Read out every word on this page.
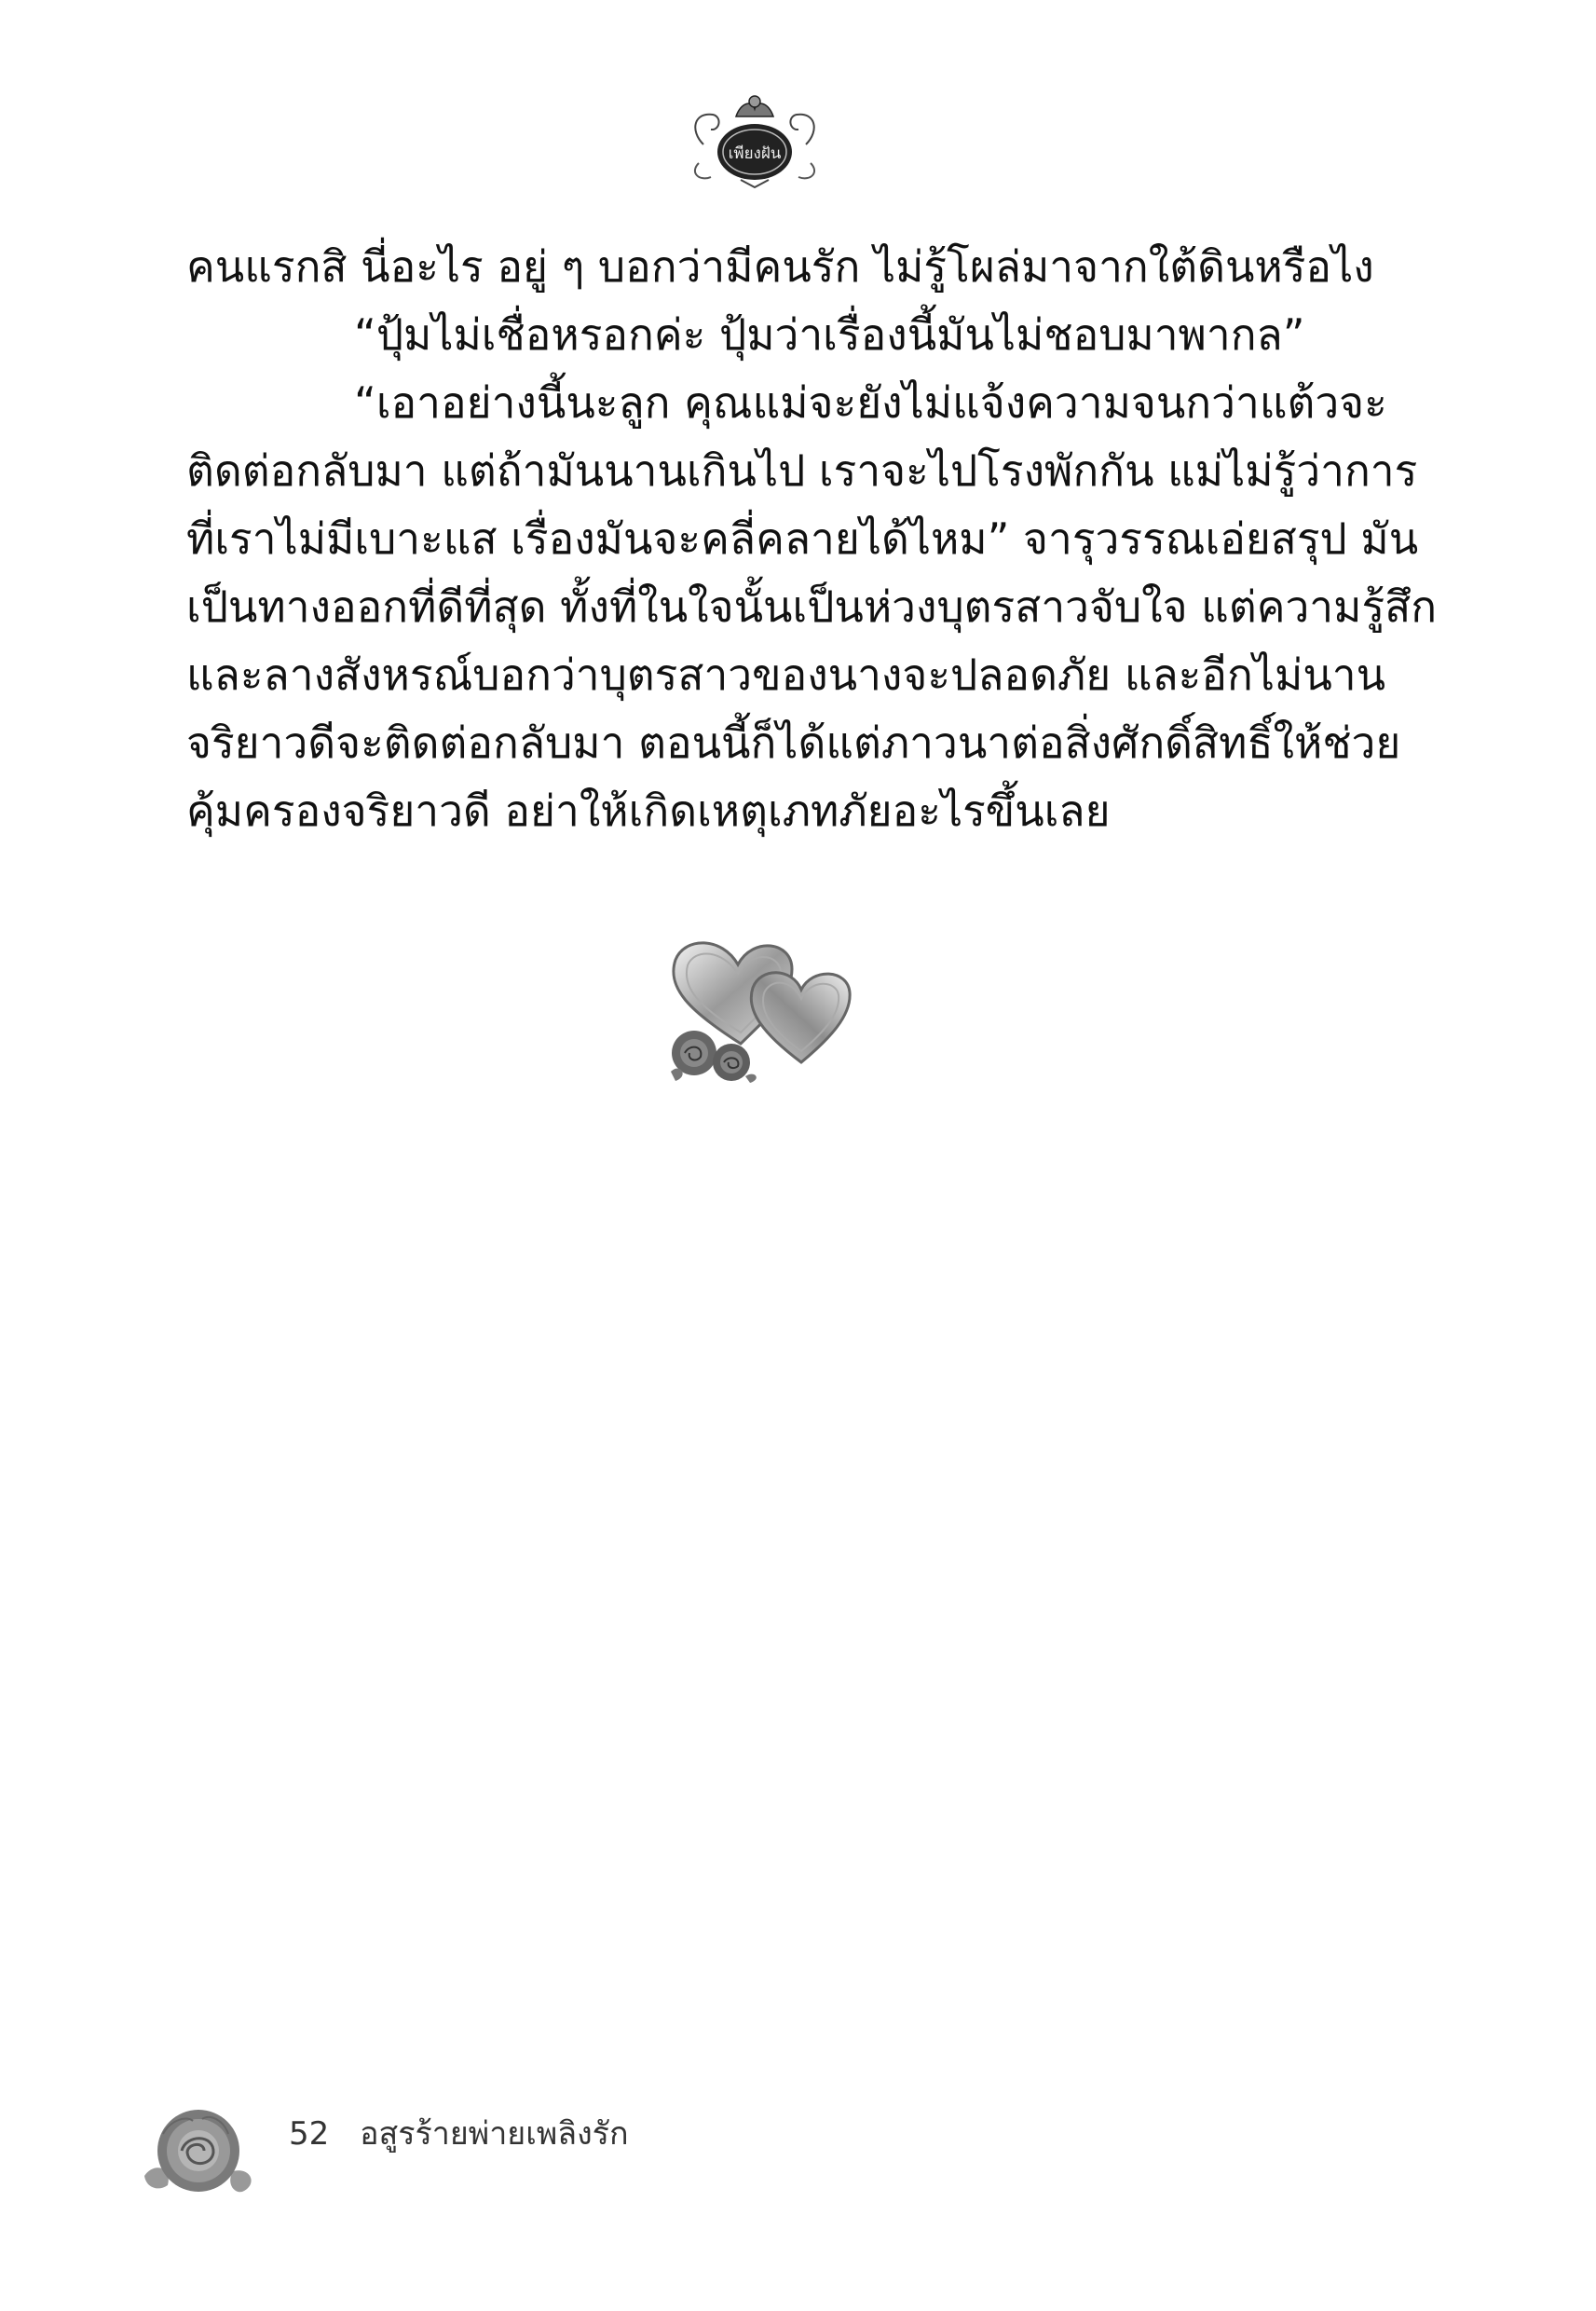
เพียงฝัน

คนแรกสิ นี่อะไร อยู่ ๆ บอกว่ามีคนรัก ไม่รู้โผล่มาจากใต้ดินหรือไง

“ปุ้มไม่เชื่อหรอกค่ะ ปุ้มว่าเรื่องนี้มันไม่ชอบมาพากล”

“เอาอย่างนี้นะลูก คุณแม่จะยังไม่แจ้งความจนกว่าแต้วจะ

ติดต่อกลับมา แต่ถ้ามันนานเกินไป เราจะไปโรงพักกัน แม่ไม่รู้ว่าการ

ที่เราไม่มีเบาะแส เรื่องมันจะคลี่คลายได้ไหม” จารุวรรณเอ่ยสรุป มัน

เป็นทางออกที่ดีที่สุด ทั้งที่ในใจนั้นเป็นห่วงบุตรสาวจับใจ แต่ความรู้สึก

และลางสังหรณ์บอกว่าบุตรสาวของนางจะปลอดภัย และอีกไม่นาน

จริยาวดีจะติดต่อกลับมา ตอนนี้ก็ได้แต่ภาวนาต่อสิ่งศักดิ์สิทธิ์ให้ช่วย

คุ้มครองจริยาวดี อย่าให้เกิดเหตุเภทภัยอะไรขึ้นเลย

52 อสูรร้ายพ่ายเพลิงรัก
